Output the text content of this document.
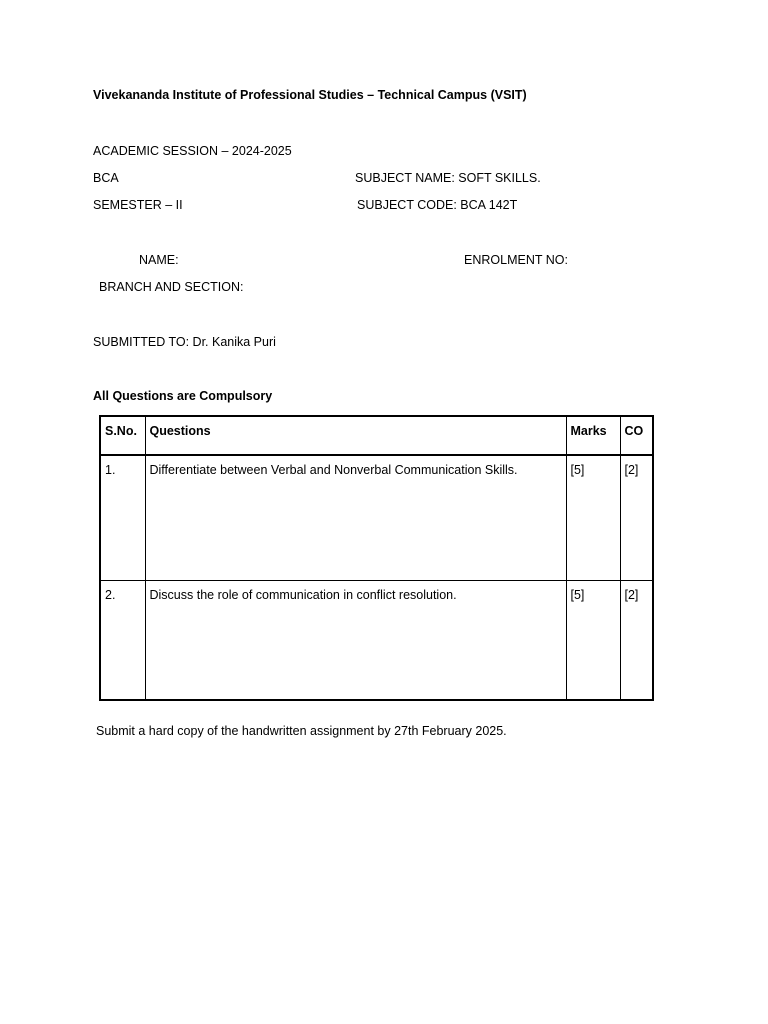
Vivekananda Institute of Professional Studies – Technical Campus (VSIT)
ACADEMIC SESSION – 2024-2025
BCA	SUBJECT NAME: SOFT SKILLS.
SEMESTER – II	SUBJECT CODE: BCA 142T
NAME:	ENROLMENT NO:
BRANCH AND SECTION:
SUBMITTED TO: Dr. Kanika Puri
All Questions are Compulsory
S.No.	Questions	Marks	CO
1.	Differentiate between Verbal and Nonverbal Communication Skills.	[5]	[2]
2.	Discuss the role of communication in conflict resolution.	[5]	[2]
Submit a hard copy of the handwritten assignment by 27th February 2025.
